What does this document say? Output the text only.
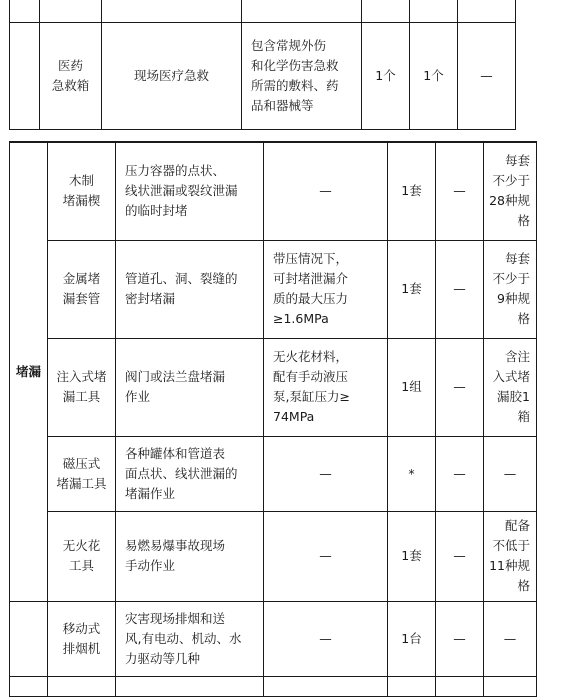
	医药
急救箱	现场医疗急救	包含常规外伤
和化学伤害急救
所需的敷料、药
品和器械等	1个	1个	—
堵漏	木制
堵漏楔	压力容器的点状、
线状泄漏或裂纹泄漏
的临时封堵	—	1套	—	每套
不少于
28种规
格
	金属堵
漏套管	管道孔、洞、裂缝的
密封堵漏	带压情况下，
可封堵泄漏介
质的最大压力
≥1.6MPa	1套	—	每套
不少于
9种规
格
	注入式堵
漏工具	阀门或法兰盘堵漏
作业	无火花材料，
配有手动液压
泵,泵缸压力≥
74MPa	1组	—	含注
入式堵
漏胶1
箱
	磁压式
堵漏工具	各种罐体和管道表
面点状、线状泄漏的
堵漏作业	—	*	—	—
	无火花
工具	易燃易爆事故现场
手动作业	—	1套	—	配备
不低于
11种规
格
	移动式
排烟机	灾害现场排烟和送
风,有电动、机动、水
力驱动等几种	—	1台	—	—
